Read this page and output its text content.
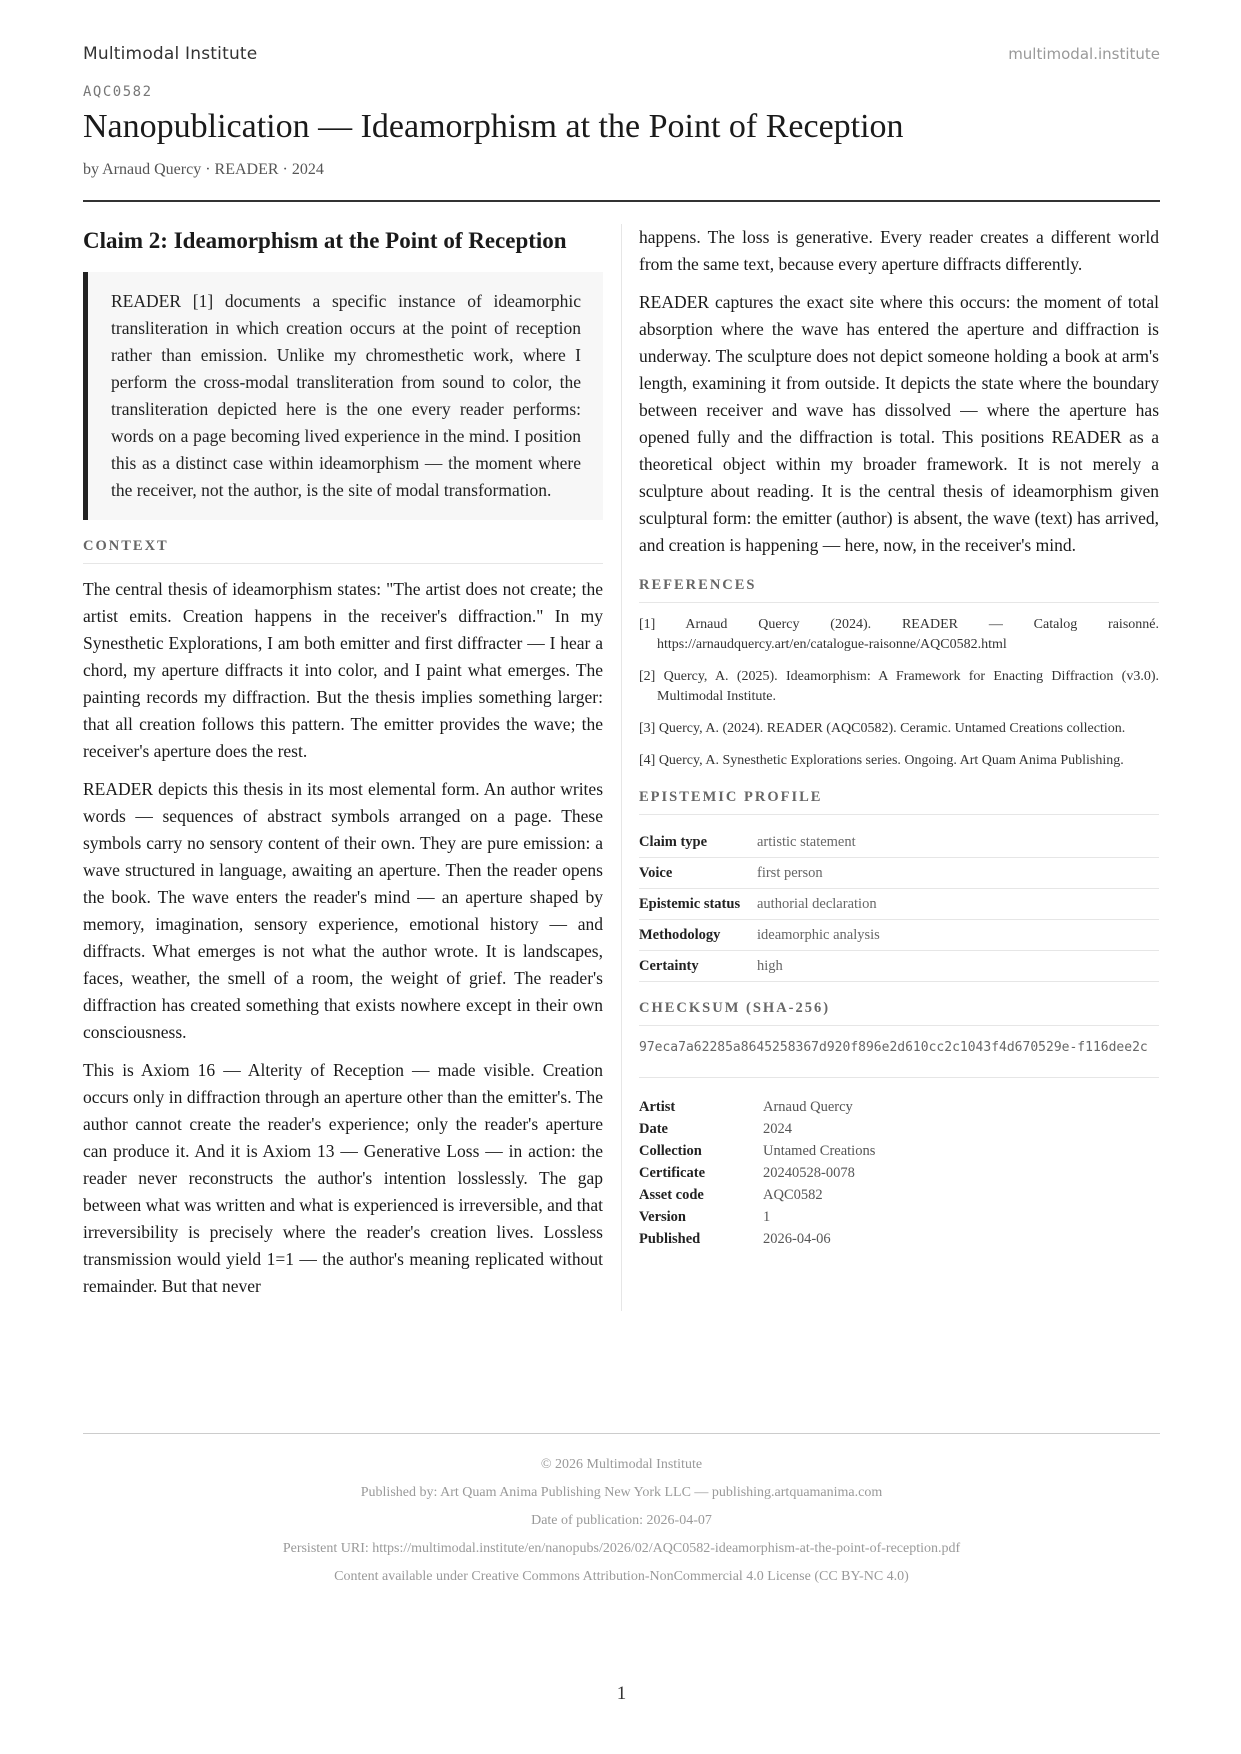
Multimodal Institute	multimodal.institute
AQC0582
Nanopublication — Ideamorphism at the Point of Reception
by Arnaud Quercy · READER · 2024
Claim 2: Ideamorphism at the Point of Reception
READER [1] documents a specific instance of ideamorphic transliteration in which creation occurs at the point of reception rather than emission. Unlike my chromesthetic work, where I perform the cross-modal transliteration from sound to color, the transliteration depicted here is the one every reader performs: words on a page becoming lived experience in the mind. I position this as a distinct case within ideamorphism — the moment where the receiver, not the author, is the site of modal transformation.
CONTEXT

The central thesis of ideamorphism states: "The artist does not create; the artist emits. Creation happens in the receiver's diffraction." In my Synesthetic Explorations, I am both emitter and first diffracter — I hear a chord, my aperture diffracts it into color, and I paint what emerges. The painting records my diffraction. But the thesis implies something larger: that all creation follows this pattern. The emitter provides the wave; the receiver's aperture does the rest.

READER depicts this thesis in its most elemental form. An author writes words — sequences of abstract symbols arranged on a page. These symbols carry no sensory content of their own. They are pure emission: a wave structured in language, awaiting an aperture. Then the reader opens the book. The wave enters the reader's mind — an aperture shaped by memory, imagination, sensory experience, emotional history — and diffracts. What emerges is not what the author wrote. It is landscapes, faces, weather, the smell of a room, the weight of grief. The reader's diffraction has created something that exists nowhere except in their own consciousness.

This is Axiom 16 — Alterity of Reception — made visible. Creation occurs only in diffraction through an aperture other than the emitter's. The author cannot create the reader's experience; only the reader's aperture can produce it. And it is Axiom 13 — Generative Loss — in action: the reader never reconstructs the author's intention losslessly. The gap between what was written and what is experienced is irreversible, and that irreversibility is precisely where the reader's creation lives. Lossless transmission would yield 1=1 — the author's meaning replicated without remainder. But that never

happens. The loss is generative. Every reader creates a different world from the same text, because every aperture diffracts differently.

READER captures the exact site where this occurs: the moment of total absorption where the wave has entered the aperture and diffraction is underway. The sculpture does not depict someone holding a book at arm's length, examining it from outside. It depicts the state where the boundary between receiver and wave has dissolved — where the aperture has opened fully and the diffraction is total. This positions READER as a theoretical object within my broader framework. It is not merely a sculpture about reading. It is the central thesis of ideamorphism given sculptural form: the emitter (author) is absent, the wave (text) has arrived, and creation is happening — here, now, in the receiver's mind.

REFERENCES
[1] Arnaud Quercy (2024). READER — Catalog raisonné. https://arnaudquercy.art/en/catalogue-raisonne/AQC0582.html
[2] Quercy, A. (2025). Ideamorphism: A Framework for Enacting Diffraction (v3.0). Multimodal Institute.
[3] Quercy, A. (2024). READER (AQC0582). Ceramic. Untamed Creations collection.
[4] Quercy, A. Synesthetic Explorations series. Ongoing. Art Quam Anima Publishing.
EPISTEMIC PROFILE
Claim type	artistic statement
Voice	first person
Epistemic status	authorial declaration
Methodology	ideamorphic analysis
Certainty	high
CHECKSUM (SHA-256)
97eca7a62285a8645258367d920f896e2d610cc2c1043f4d670529e-f116dee2c
Artist	Arnaud Quercy
Date	2024
Collection	Untamed Creations
Certificate	20240528-0078
Asset code	AQC0582
Version	1
Published	2026-04-06
© 2026 Multimodal Institute
Published by: Art Quam Anima Publishing New York LLC — publishing.artquamanima.com
Date of publication: 2026-04-07
Persistent URI: https://multimodal.institute/en/nanopubs/2026/02/AQC0582-ideamorphism-at-the-point-of-reception.pdf
Content available under Creative Commons Attribution-NonCommercial 4.0 License (CC BY-NC 4.0)
1
